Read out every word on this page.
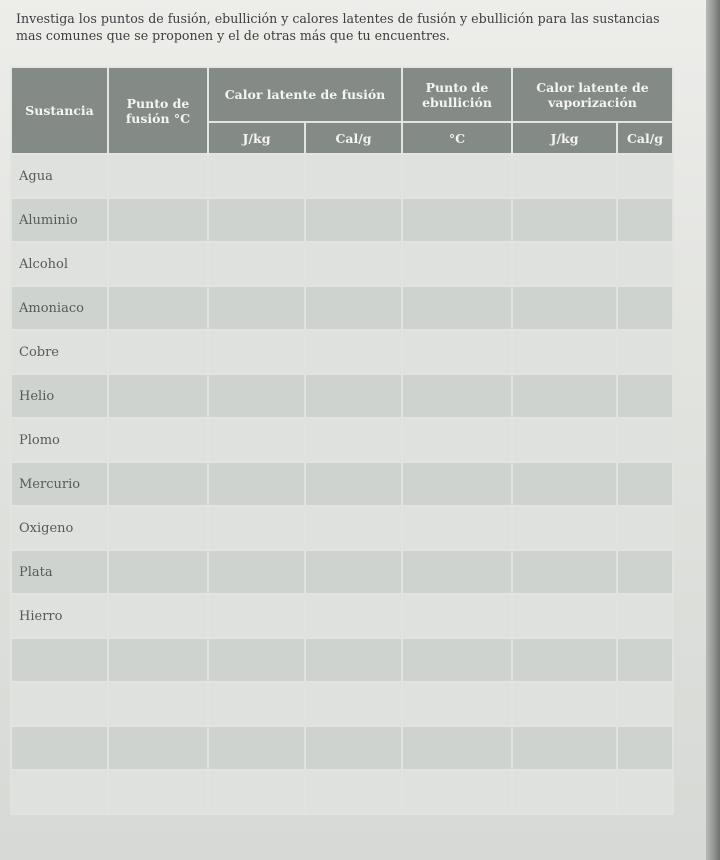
Investiga los puntos de fusión, ebullición y calores latentes de fusión y ebullición para las sustancias mas comunes que se proponen y el de otras más que tu encuentres.

Sustancia	Punto de fusión °C	Calor latente de fusión		Punto de ebullición	Calor latente de vaporización	
		J/kg	Cal/g	°C	J/kg	Cal/g
Agua						
Aluminio						
Alcohol						
Amoniaco						
Cobre						
Helio						
Plomo						
Mercurio						
Oxigeno						
Plata						
Hierro						
